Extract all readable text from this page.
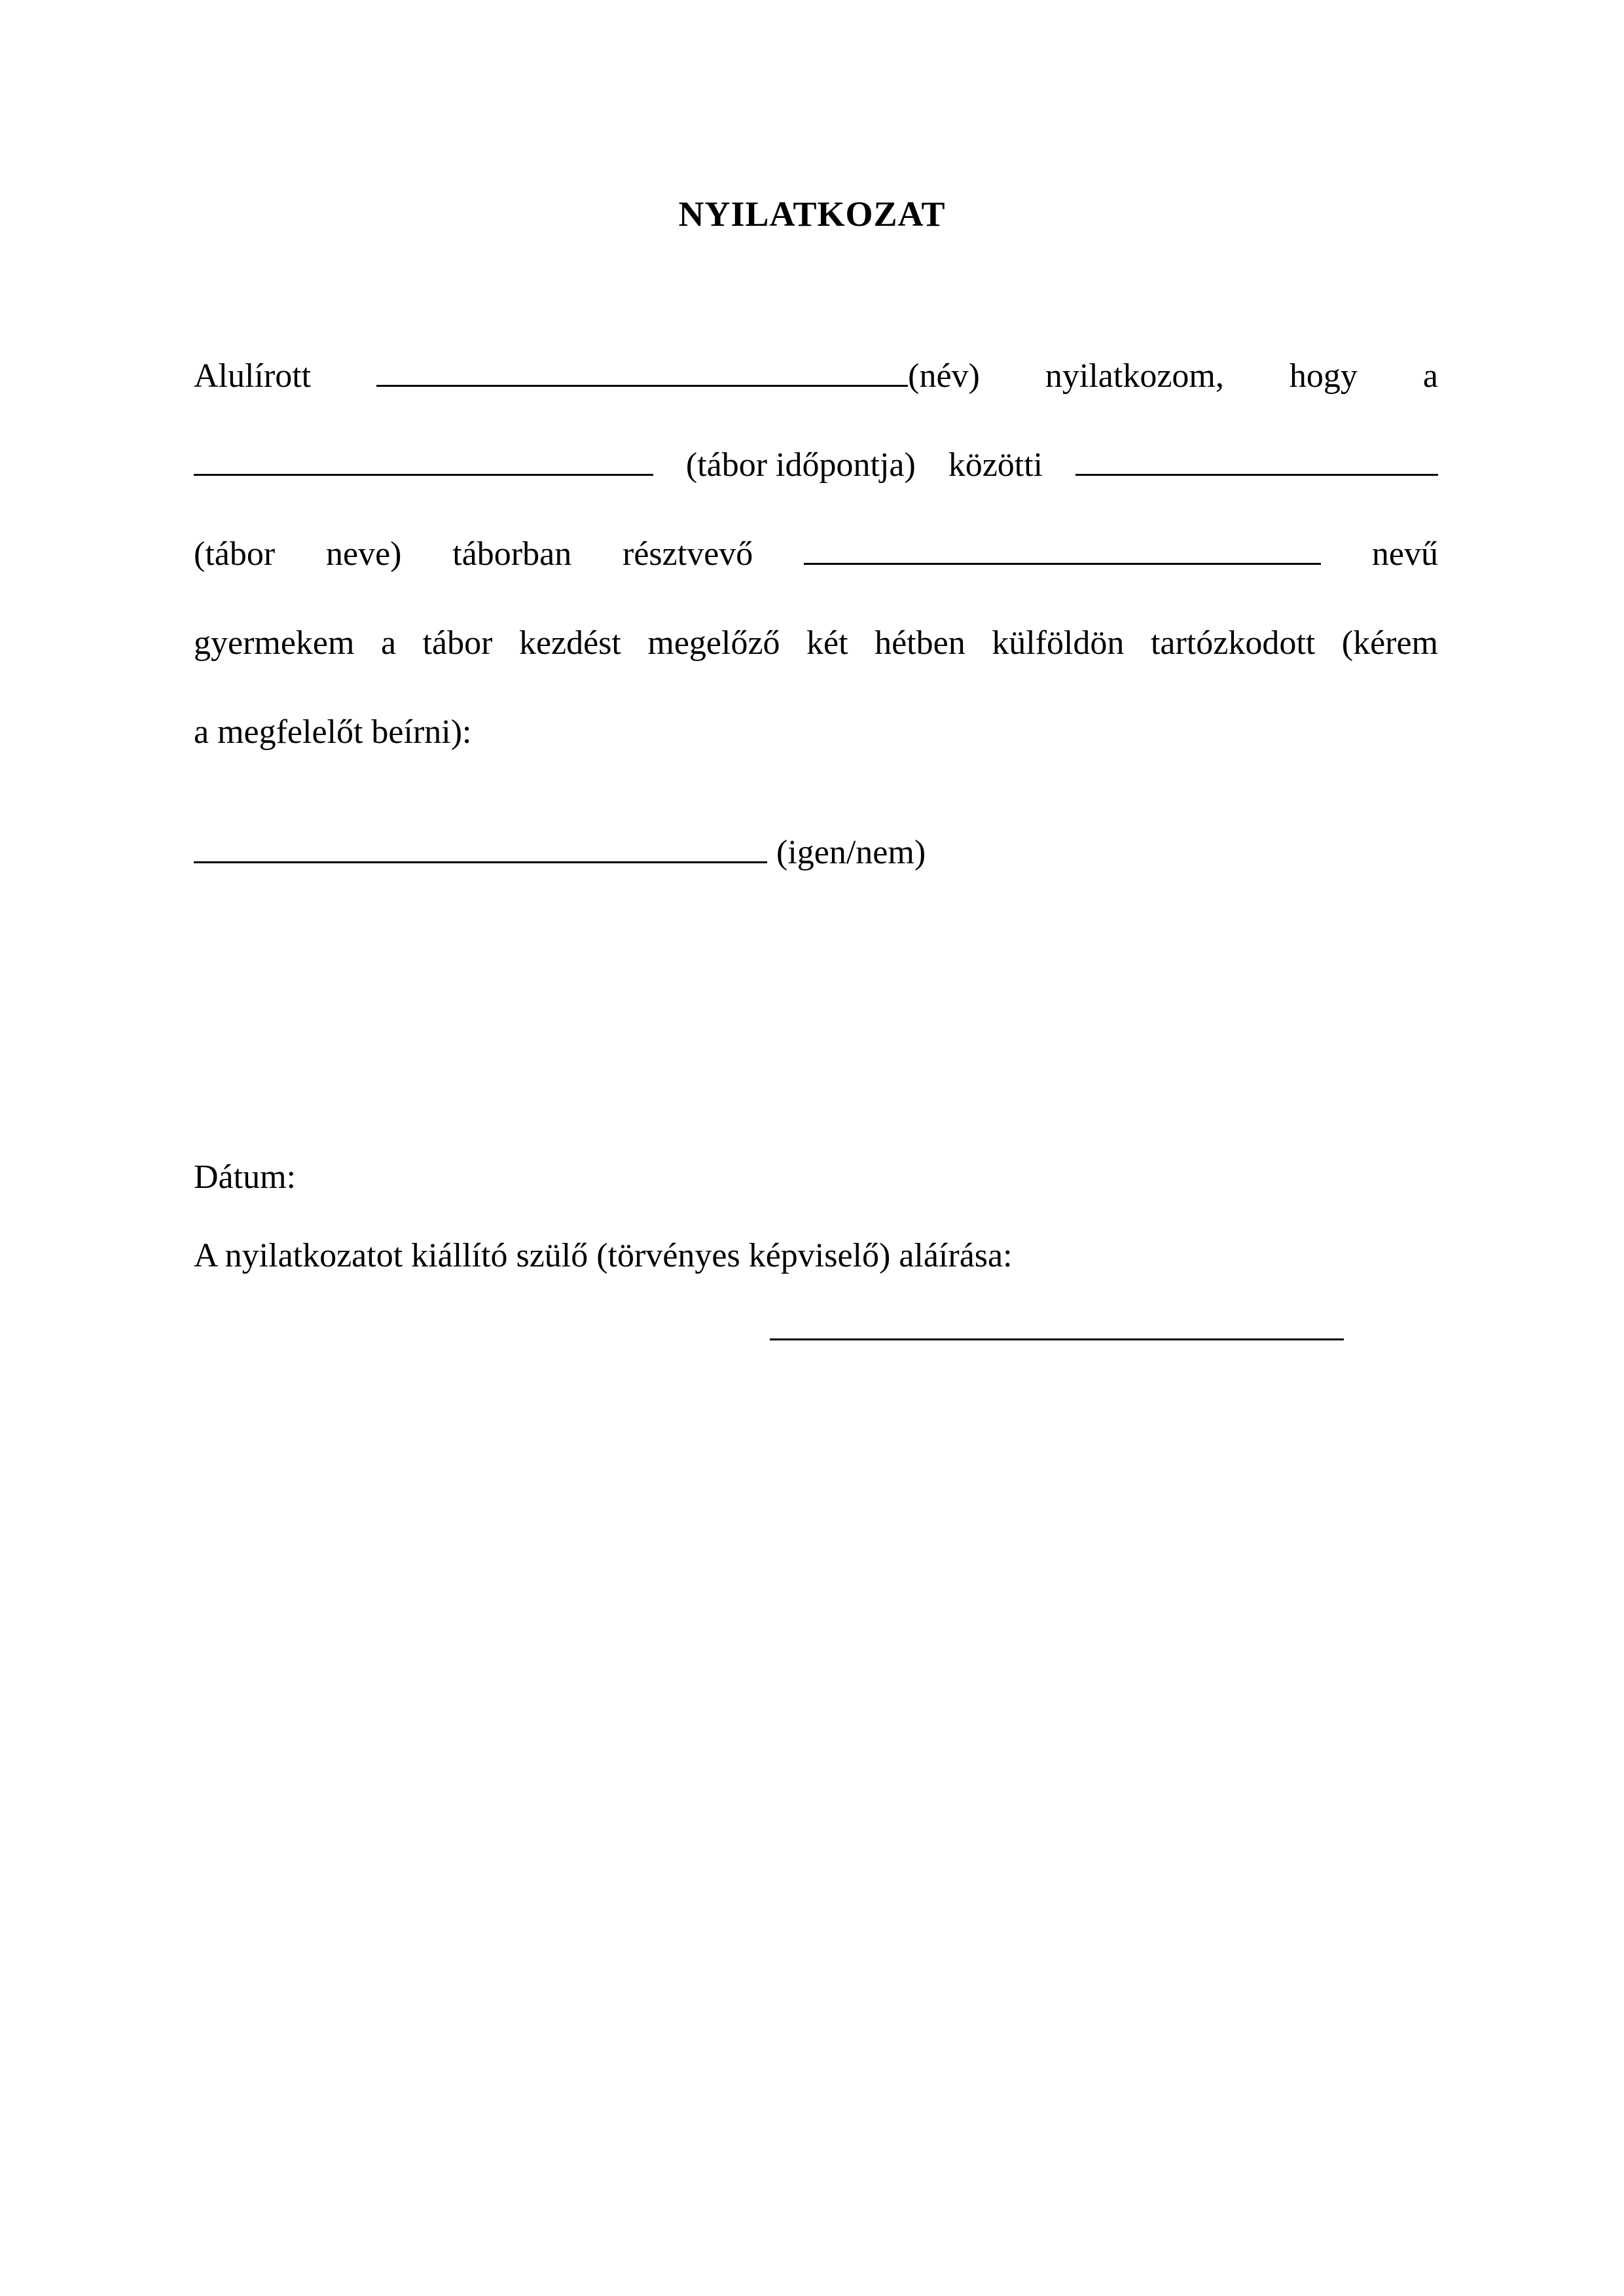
NYILATKOZAT
Alulírott	(név) nyilatkozom, hogy a
(tábor időpontja) közötti
(tábor neve) táborban résztvevő	nevű
gyermekem a tábor kezdést megelőző két hétben külföldön tartózkodott (kérem
a megfelelőt beírni):
(igen/nem)
Dátum:
A nyilatkozatot kiállító szülő (törvényes képviselő) aláírása:
